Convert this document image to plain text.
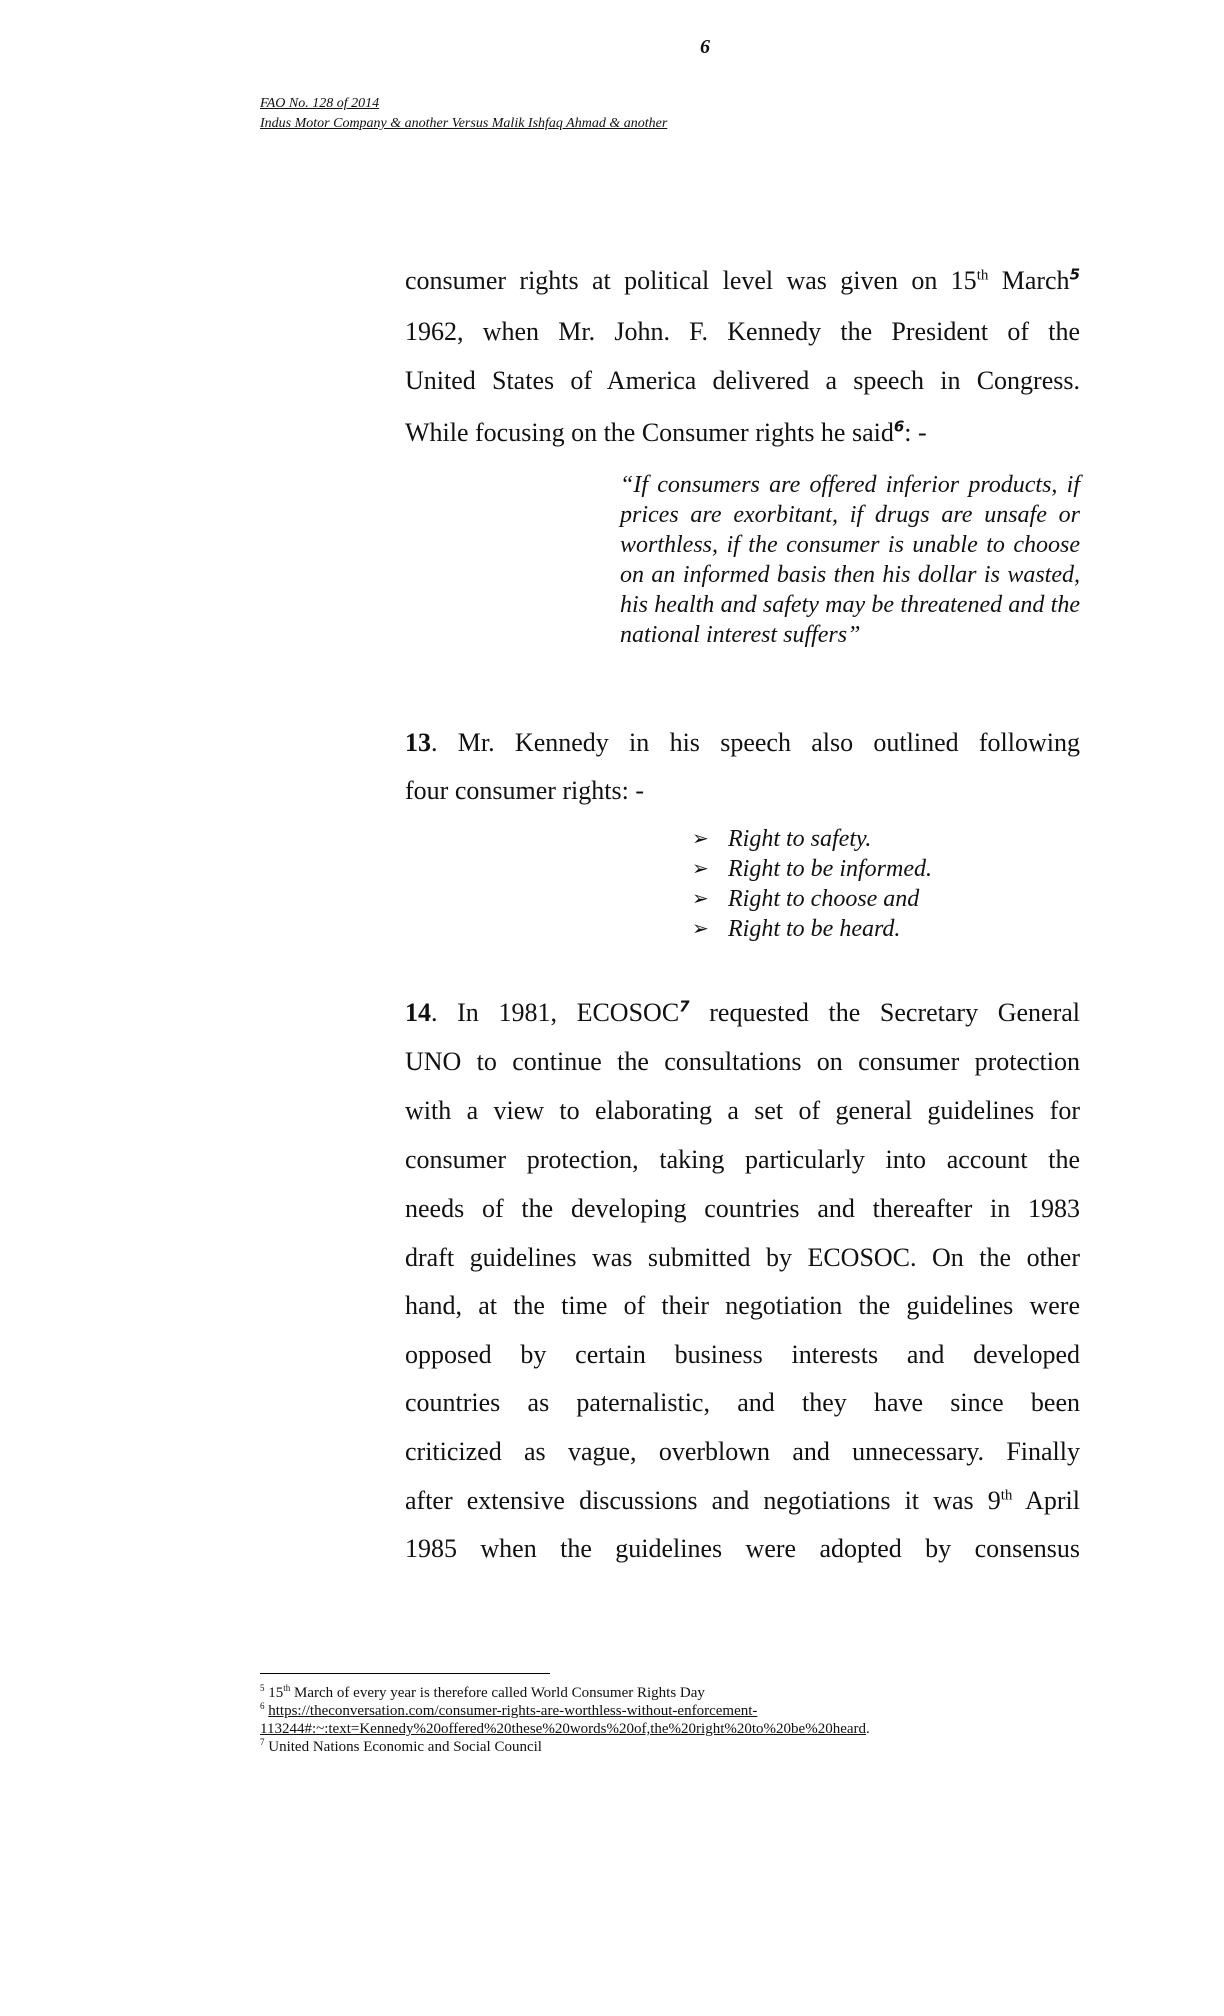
6
FAO No. 128 of 2014
Indus Motor Company & another Versus Malik Ishfaq Ahmad & another
consumer rights at political level was given on 15th March$^5$
1962, when Mr. John. F. Kennedy the President of the
United States of America delivered a speech in Congress.
While focusing on the Consumer rights he said$^6$: -
“If consumers are offered inferior products, if prices are exorbitant, if drugs are unsafe or worthless, if the consumer is unable to choose on an informed basis then his dollar is wasted, his health and safety may be threatened and the national interest suffers”
13. Mr. Kennedy in his speech also outlined following
four consumer rights: -
➢ Right to safety.
➢ Right to be informed.
➢ Right to choose and
➢ Right to be heard.
14. In 1981, ECOSOC$^7$ requested the Secretary General
UNO to continue the consultations on consumer protection
with a view to elaborating a set of general guidelines for
consumer protection, taking particularly into account the
needs of the developing countries and thereafter in 1983
draft guidelines was submitted by ECOSOC. On the other
hand, at the time of their negotiation the guidelines were
opposed by certain business interests and developed
countries as paternalistic, and they have since been
criticized as vague, overblown and unnecessary. Finally
after extensive discussions and negotiations it was 9th April
1985 when the guidelines were adopted by consensus
$^5$ 15th March of every year is therefore called World Consumer Rights Day
$^6$ https://theconversation.com/consumer-rights-are-worthless-without-enforcement-
113244#:~:text=Kennedy%20offered%20these%20words%20of,the%20right%20to%20be%20heard.
$^7$ United Nations Economic and Social Council
